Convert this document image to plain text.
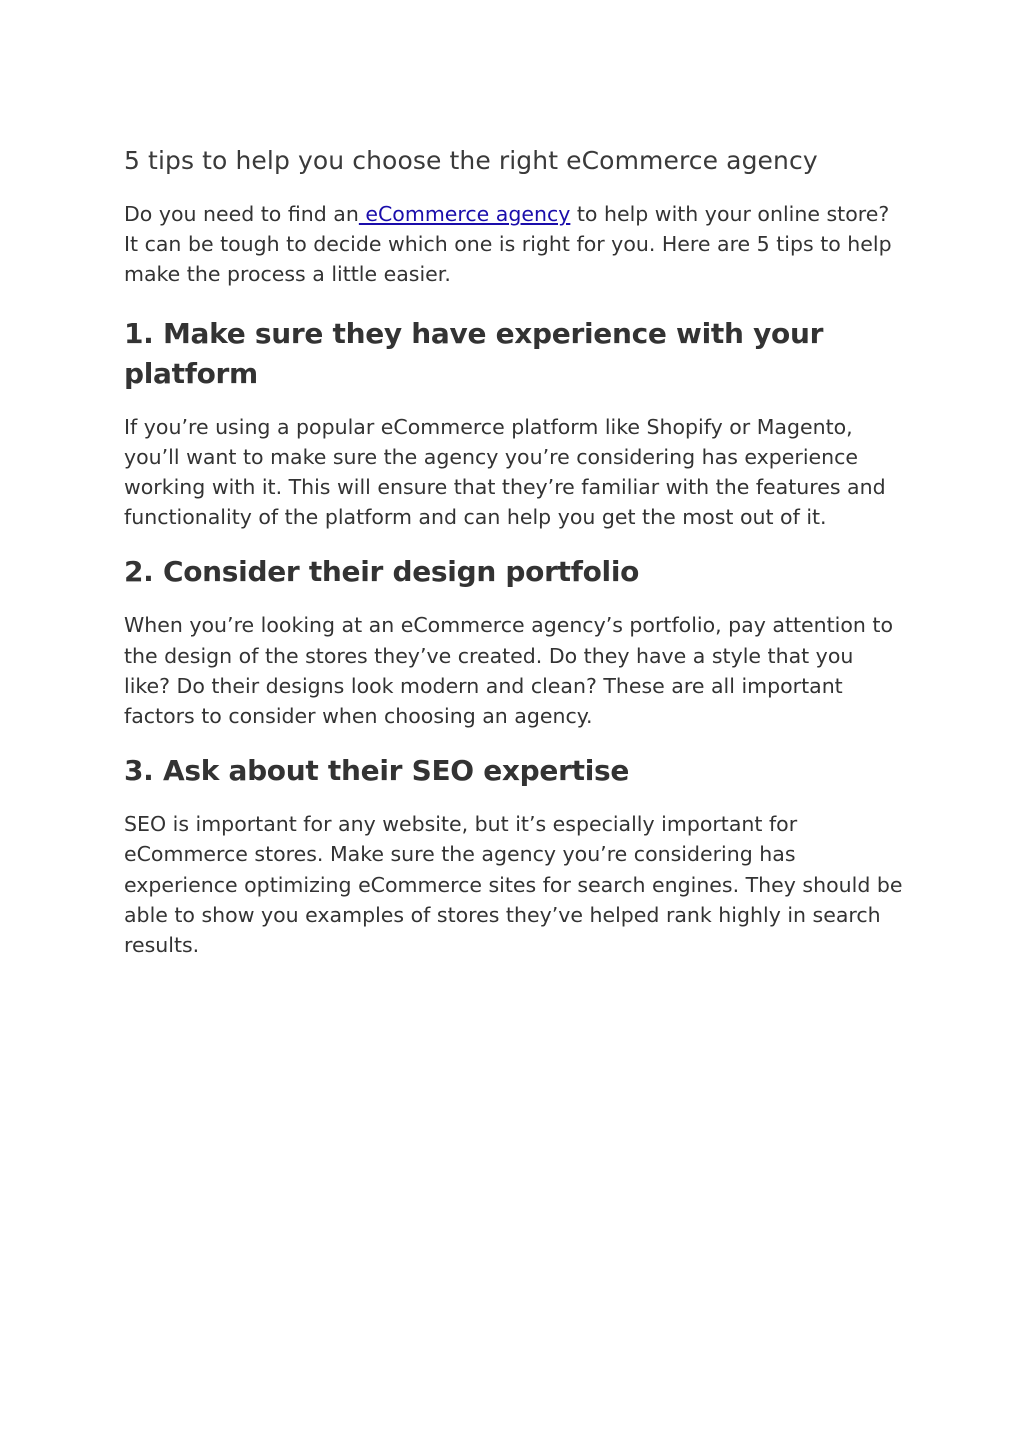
5 tips to help you choose the right eCommerce agency

Do you need to find an eCommerce agency to help with your online store? It can be tough to decide which one is right for you. Here are 5 tips to help make the process a little easier.

1. Make sure they have experience with your platform

If you’re using a popular eCommerce platform like Shopify or Magento, you’ll want to make sure the agency you’re considering has experience working with it. This will ensure that they’re familiar with the features and functionality of the platform and can help you get the most out of it.

2. Consider their design portfolio

When you’re looking at an eCommerce agency’s portfolio, pay attention to the design of the stores they’ve created. Do they have a style that you like? Do their designs look modern and clean? These are all important factors to consider when choosing an agency.

3. Ask about their SEO expertise

SEO is important for any website, but it’s especially important for eCommerce stores. Make sure the agency you’re considering has experience optimizing eCommerce sites for search engines. They should be able to show you examples of stores they’ve helped rank highly in search results.
